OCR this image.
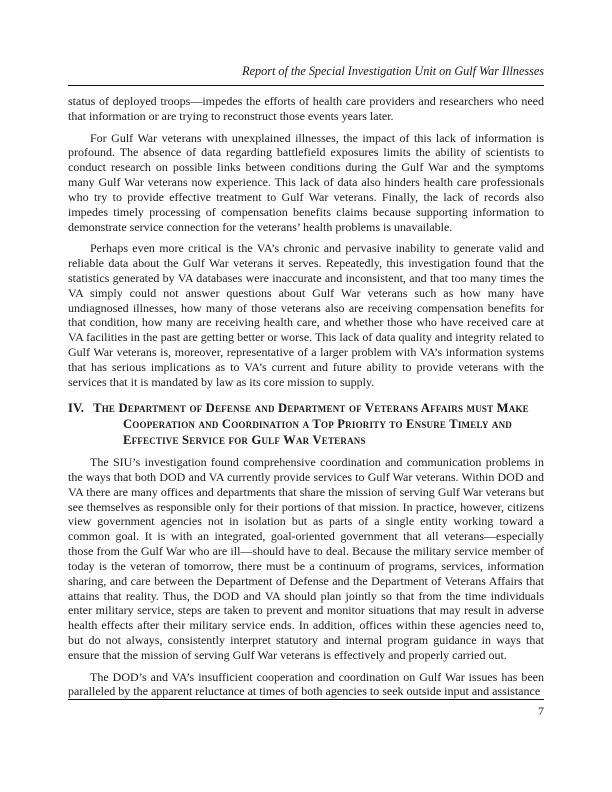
Report of the Special Investigation Unit on Gulf War Illnesses

status of deployed troops—impedes the efforts of health care providers and researchers who need that information or are trying to reconstruct those events years later.

For Gulf War veterans with unexplained illnesses, the impact of this lack of information is profound. The absence of data regarding battlefield exposures limits the ability of scientists to conduct research on possible links between conditions during the Gulf War and the symptoms many Gulf War veterans now experience. This lack of data also hinders health care professionals who try to provide effective treatment to Gulf War veterans. Finally, the lack of records also impedes timely processing of compensation benefits claims because supporting information to demonstrate service connection for the veterans’ health problems is unavailable.

Perhaps even more critical is the VA’s chronic and pervasive inability to generate valid and reliable data about the Gulf War veterans it serves. Repeatedly, this investigation found that the statistics generated by VA databases were inaccurate and inconsistent, and that too many times the VA simply could not answer questions about Gulf War veterans such as how many have undiagnosed illnesses, how many of those veterans also are receiving compensation benefits for that condition, how many are receiving health care, and whether those who have received care at VA facilities in the past are getting better or worse. This lack of data quality and integrity related to Gulf War veterans is, moreover, representative of a larger problem with VA’s information systems that has serious implications as to VA’s current and future ability to provide veterans with the services that it is mandated by law as its core mission to supply.

IV. The Department of Defense and Department of Veterans Affairs must Make Cooperation and Coordination a Top Priority to Ensure Timely and Effective Service for Gulf War Veterans

The SIU’s investigation found comprehensive coordination and communication problems in the ways that both DOD and VA currently provide services to Gulf War veterans. Within DOD and VA there are many offices and departments that share the mission of serving Gulf War veterans but see themselves as responsible only for their portions of that mission. In practice, however, citizens view government agencies not in isolation but as parts of a single entity working toward a common goal. It is with an integrated, goal-oriented government that all veterans—especially those from the Gulf War who are ill—should have to deal. Because the military service member of today is the veteran of tomorrow, there must be a continuum of programs, services, information sharing, and care between the Department of Defense and the Department of Veterans Affairs that attains that reality. Thus, the DOD and VA should plan jointly so that from the time individuals enter military service, steps are taken to prevent and monitor situations that may result in adverse health effects after their military service ends. In addition, offices within these agencies need to, but do not always, consistently interpret statutory and internal program guidance in ways that ensure that the mission of serving Gulf War veterans is effectively and properly carried out.

The DOD’s and VA’s insufficient cooperation and coordination on Gulf War issues has been paralleled by the apparent reluctance at times of both agencies to seek outside input and assistance

7
